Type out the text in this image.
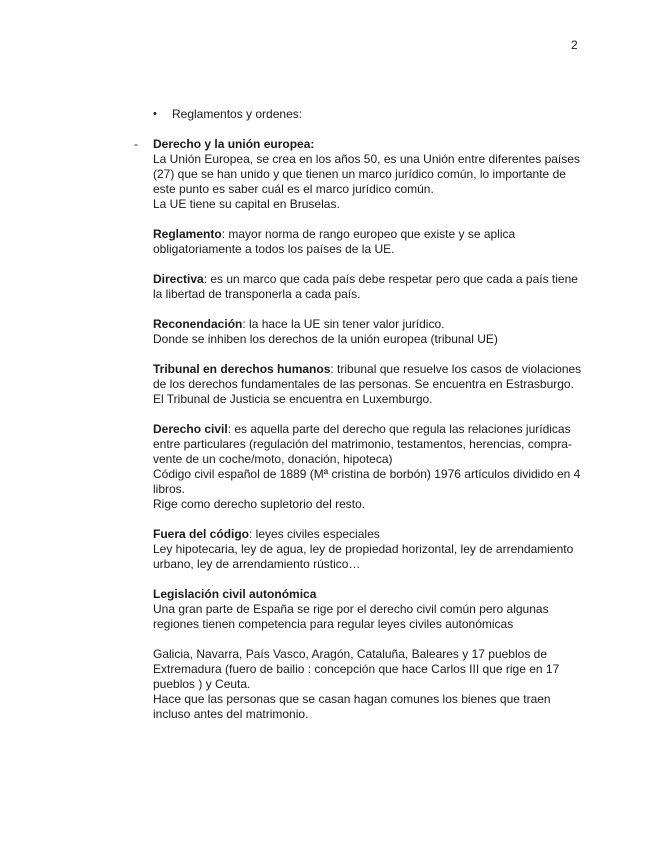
2
• Reglamentos y ordenes:
- Derecho y la unión europea:
La Unión Europea, se crea en los años 50, es una Unión entre diferentes países
(27) que se han unido y que tienen un marco jurídico común, lo importante de
este punto es saber cuál es el marco jurídico común.
La UE tiene su capital en Bruselas.
Reglamento: mayor norma de rango europeo que existe y se aplica
obligatoriamente a todos los países de la UE.
Directiva: es un marco que cada país debe respetar pero que cada a país tiene
la libertad de transponerla a cada país.
Reconendación: la hace la UE sin tener valor jurídico.
Donde se inhiben los derechos de la unión europea (tribunal UE)
Tribunal en derechos humanos: tribunal que resuelve los casos de violaciones
de los derechos fundamentales de las personas. Se encuentra en Estrasburgo.
El Tribunal de Justicia se encuentra en Luxemburgo.
Derecho civil: es aquella parte del derecho que regula las relaciones jurídicas
entre particulares (regulación del matrimonio, testamentos, herencias, compra-
vente de un coche/moto, donación, hipoteca)
Código civil español de 1889 (Mª cristina de borbón) 1976 artículos dividido en 4
libros.
Rige como derecho supletorio del resto.
Fuera del código: leyes civiles especiales
Ley hipotecaria, ley de agua, ley de propiedad horizontal, ley de arrendamiento
urbano, ley de arrendamiento rústico…
Legislación civil autonómica
Una gran parte de España se rige por el derecho civil común pero algunas
regiones tienen competencia para regular leyes civiles autonómicas
Galicia, Navarra, País Vasco, Aragón, Cataluña, Baleares y 17 pueblos de
Extremadura (fuero de bailio : concepción que hace Carlos III que rige en 17
pueblos ) y Ceuta.
Hace que las personas que se casan hagan comunes los bienes que traen
incluso antes del matrimonio.
